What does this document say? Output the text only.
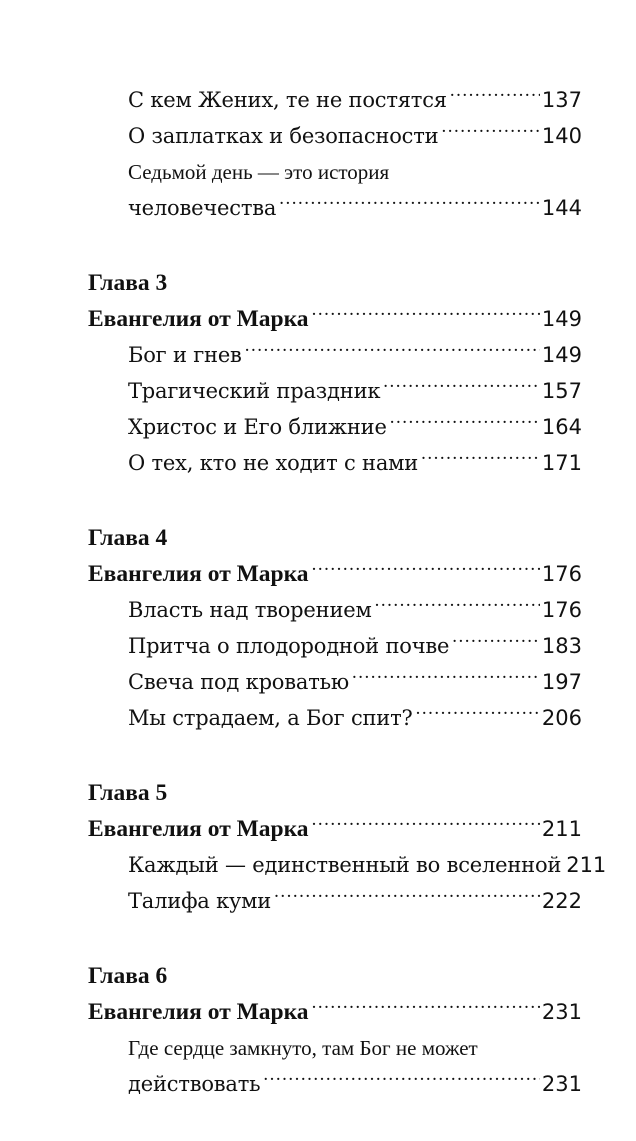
С кем Жених, те не постятся .....	137
О заплатках и безопасности .....	140
Седьмой день — это история
человечества .....	144
Глава 3
Евангелия от Марка .....	149
Бог и гнев .....	149
Трагический праздник .....	157
Христос и Его ближние .....	164
О тех, кто не ходит с нами .....	171
Глава 4
Евангелия от Марка .....	176
Власть над творением .....	176
Притча о плодородной почве .....	183
Свеча под кроватью .....	197
Мы страдаем, а Бог спит? .....	206
Глава 5
Евангелия от Марка .....	211
Каждый — единственный во вселенной 211
Талифа куми .....	222
Глава 6
Евангелия от Марка .....	231
Где сердце замкнуто, там Бог не может
действовать .....	231
